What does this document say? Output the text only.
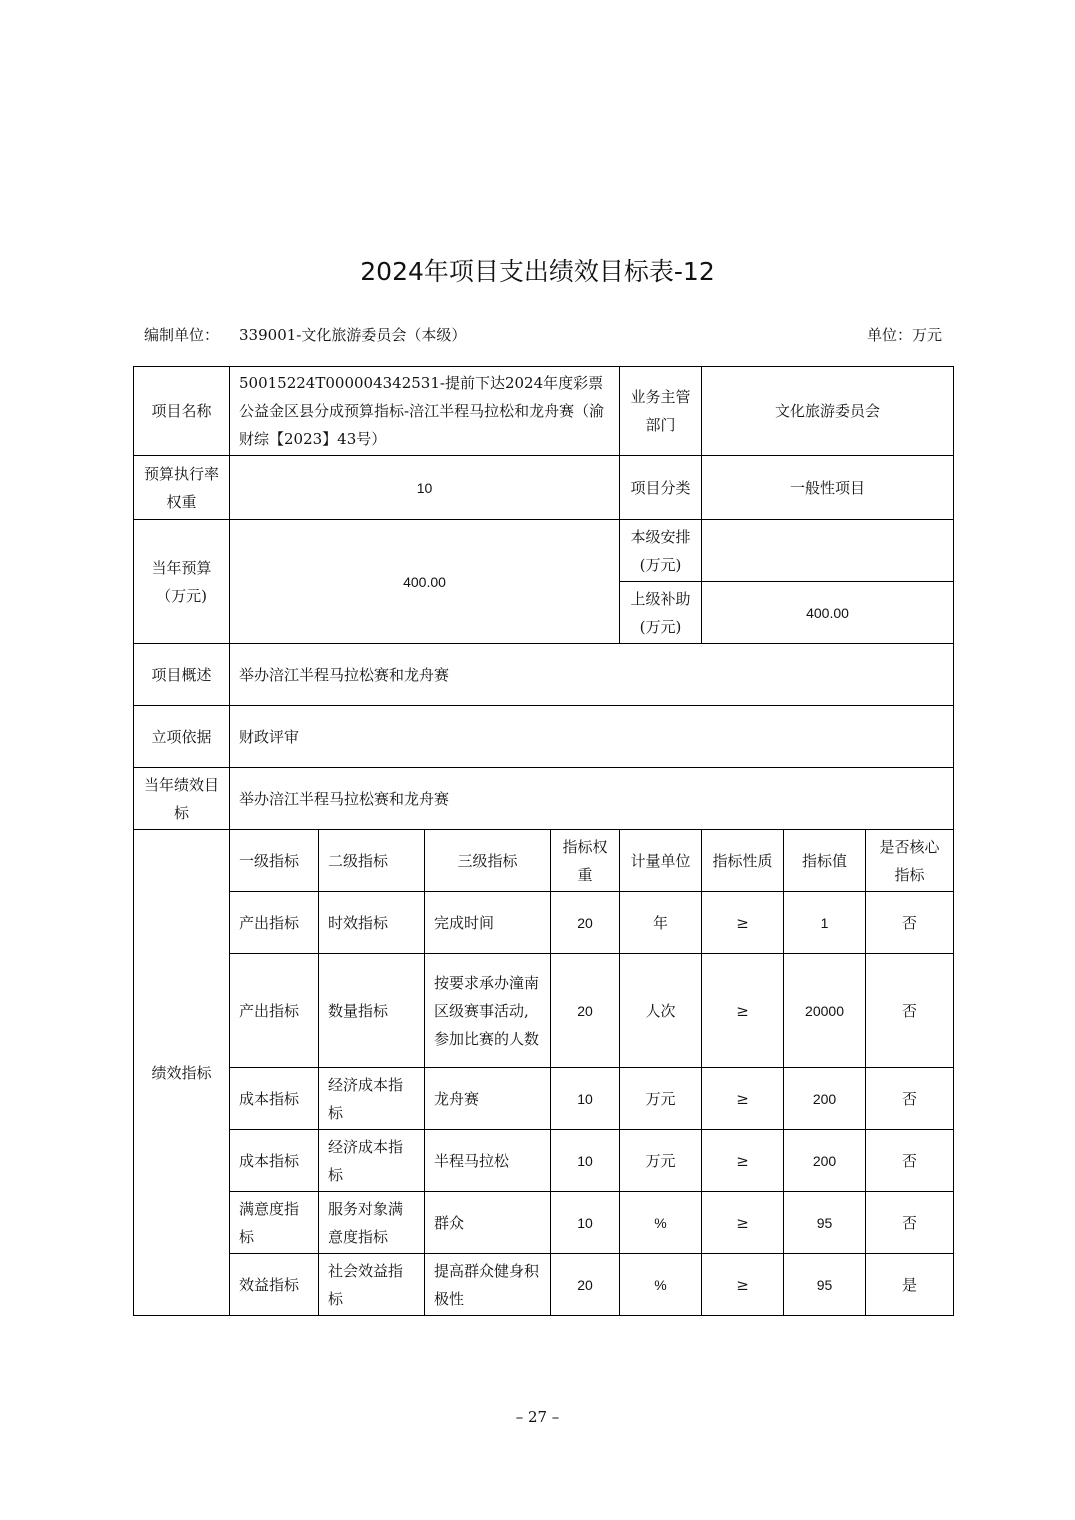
2024年项目支出绩效目标表-12
编制单位： 339001-文化旅游委员会（本级）	单位：万元
项目名称	50015224T000004342531-提前下达2024年度彩票公益金区县分成预算指标-涪江半程马拉松和龙舟赛（渝财综【2023】43号）				业务主管部门	文化旅游委员会		
预算执行率权重	10				项目分类	一般性项目		
当年预算（万元)	400.00				本级安排(万元)			
					上级补助(万元)	400.00		
项目概述	举办涪江半程马拉松赛和龙舟赛							
立项依据	财政评审							
当年绩效目标	举办涪江半程马拉松赛和龙舟赛							
绩效指标	一级指标	二级指标	三级指标	指标权重	计量单位	指标性质	指标值	是否核心指标
	产出指标	时效指标	完成时间	20	年	≥	1	否
	产出指标	数量指标	按要求承办潼南区级赛事活动,参加比赛的人数	20	人次	≥	20000	否
	成本指标	经济成本指标	龙舟赛	10	万元	≥	200	否
	成本指标	经济成本指标	半程马拉松	10	万元	≥	200	否
	满意度指标	服务对象满意度指标	群众	10	%	≥	95	否
	效益指标	社会效益指标	提高群众健身积极性	20	%	≥	95	是
– 27 –
